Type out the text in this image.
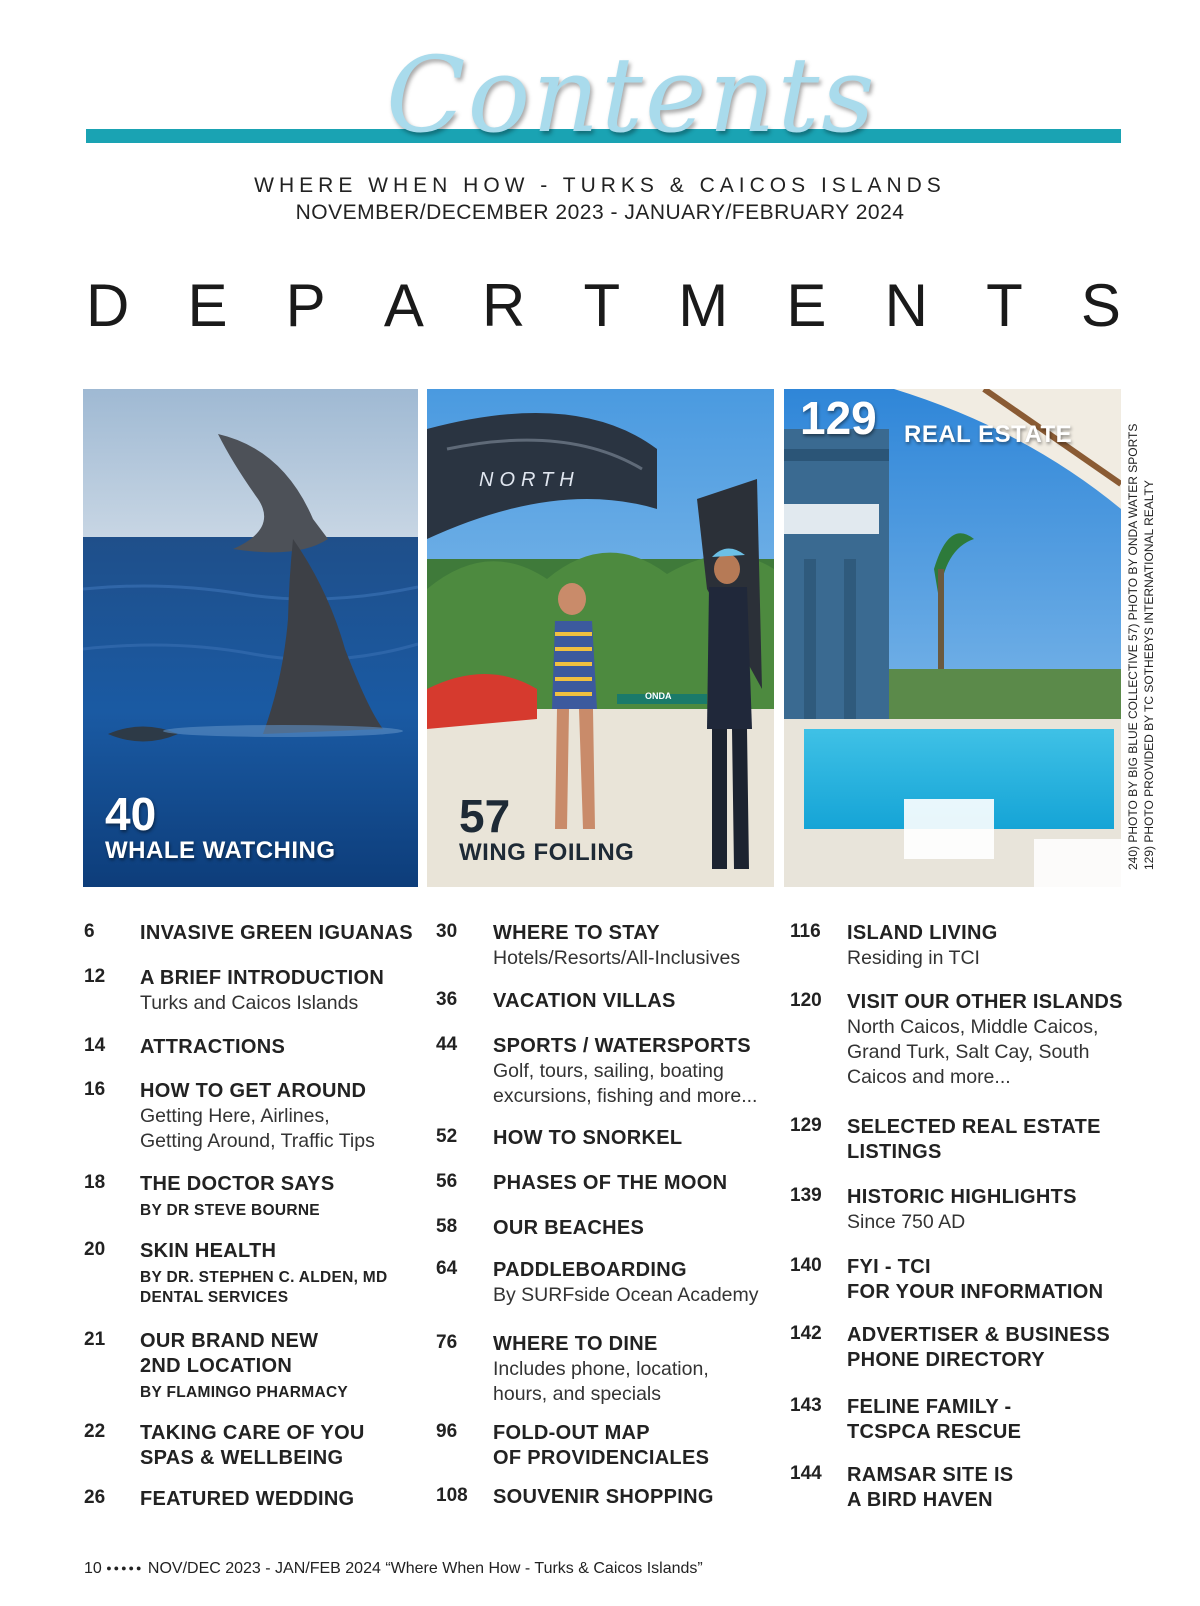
Contents
WHERE WHEN HOW - TURKS & CAICOS ISLANDS
NOVEMBER/DECEMBER 2023 - JANUARY/FEBRUARY 2024
D E P A R T M E N T S
40
WHALE WATCHING
NORTH
ONDA
57
WING FOILING
129 REAL ESTATE	240) PHOTO BY BIG BLUE COLLECTIVE 57) PHOTO BY ONDA WATER SPORTS 129) PHOTO PROVIDED BY TC SOTHEBYS INTERNATIONAL REALTY
6 INVASIVE GREEN IGUANAS
12 A BRIEF INTRODUCTION
Turks and Caicos Islands
14 ATTRACTIONS
16 HOW TO GET AROUND
Getting Here, Airlines,
Getting Around, Traffic Tips
18 THE DOCTOR SAYS
BY DR STEVE BOURNE
20 SKIN HEALTH
BY DR. STEPHEN C. ALDEN, MD
DENTAL SERVICES
21 OUR BRAND NEW
2ND LOCATION
BY FLAMINGO PHARMACY
22 TAKING CARE OF YOU
SPAS & WELLBEING
26 FEATURED WEDDING
30 WHERE TO STAY
Hotels/Resorts/All-Inclusives
36 VACATION VILLAS
44 SPORTS / WATERSPORTS
Golf, tours, sailing, boating
excursions, fishing and more...
52 HOW TO SNORKEL
56 PHASES OF THE MOON
58 OUR BEACHES
64 PADDLEBOARDING
By SURFside Ocean Academy
76 WHERE TO DINE
Includes phone, location,
hours, and specials
96 FOLD-OUT MAP
OF PROVIDENCIALES
108 SOUVENIR SHOPPING
116 ISLAND LIVING
Residing in TCI
120 VISIT OUR OTHER ISLANDS
North Caicos, Middle Caicos,
Grand Turk, Salt Cay, South
Caicos and more...
129 SELECTED REAL ESTATE
LISTINGS
139 HISTORIC HIGHLIGHTS
Since 750 AD
140 FYI - TCI
FOR YOUR INFORMATION
142 ADVERTISER & BUSINESS
PHONE DIRECTORY
143 FELINE FAMILY -
TCSPCA RESCUE
144 RAMSAR SITE IS
A BIRD HAVEN
10 ●●●●● NOV/DEC 2023 - JAN/FEB 2024 “Where When How - Turks & Caicos Islands”
